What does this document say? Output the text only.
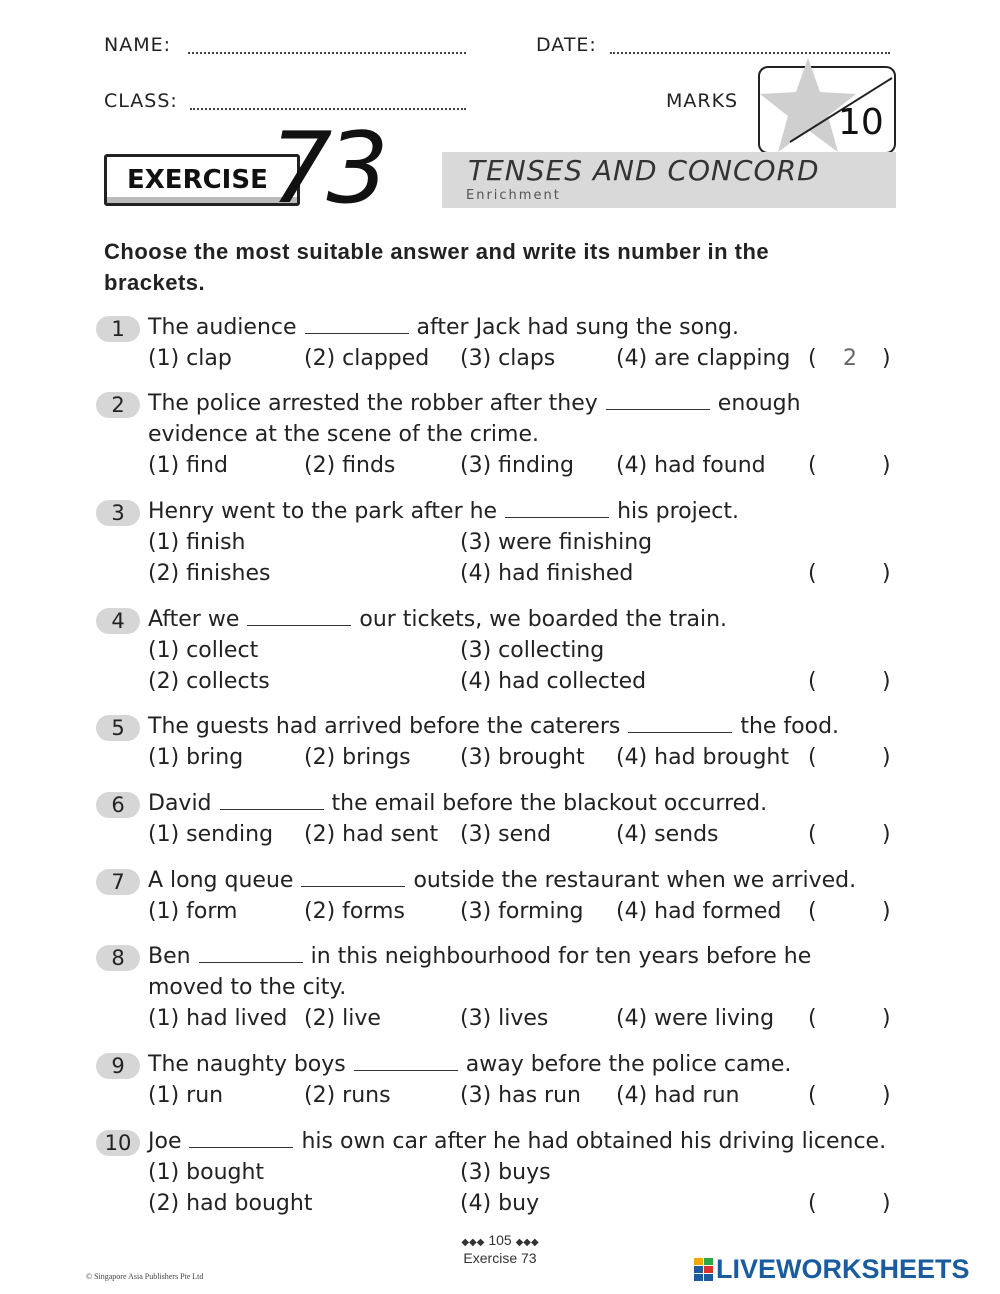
NAME:	DATE:
CLASS:	MARKS
10
EXERCISE 73	TENSES AND CONCORD
Enrichment
Choose the most suitable answer and write its number in the
brackets.
1	The audience	after Jack had sung the song.
(1) clap	(2) clapped (3) claps	(4) are clapping ( 2 )
2	The police arrested the robber after they	enough
evidence at the scene of the crime.
(1) find	(2) finds	(3) finding (4) had found (	)
3	Henry went to the park after he	his project.
(1) finish	(3) were finishing
(2) finishes	(4) had finished	(	)
4	After we	our tickets, we boarded the train.
(1) collect	(3) collecting
(2) collects	(4) had collected	(	)
5	The guests had arrived before the caterers	the food.
(1) bring	(2) brings (3) brought (4) had brought (	)
6	David	the email before the blackout occurred.
(1) sending (2) had sent (3) send	(4) sends	(	)
7	A long queue	outside the restaurant when we arrived.
(1) form	(2) forms	(3) forming (4) had formed (	)
8	Ben	in this neighbourhood for ten years before he
moved to the city.
(1) had lived (2) live	(3) lives	(4) were living (	)
9	The naughty boys	away before the police came.
(1) run	(2) runs	(3) has run (4) had run	(	)
10 Joe	his own car after he had obtained his driving licence.
(1) bought	(3) buys
(2) had bought	(4) buy	(	)
◆◆◆ 105 ◆◆◆
Exercise 73
© Singapore Asia Publishers Pte Ltd	LIVEWORKSHEETS
